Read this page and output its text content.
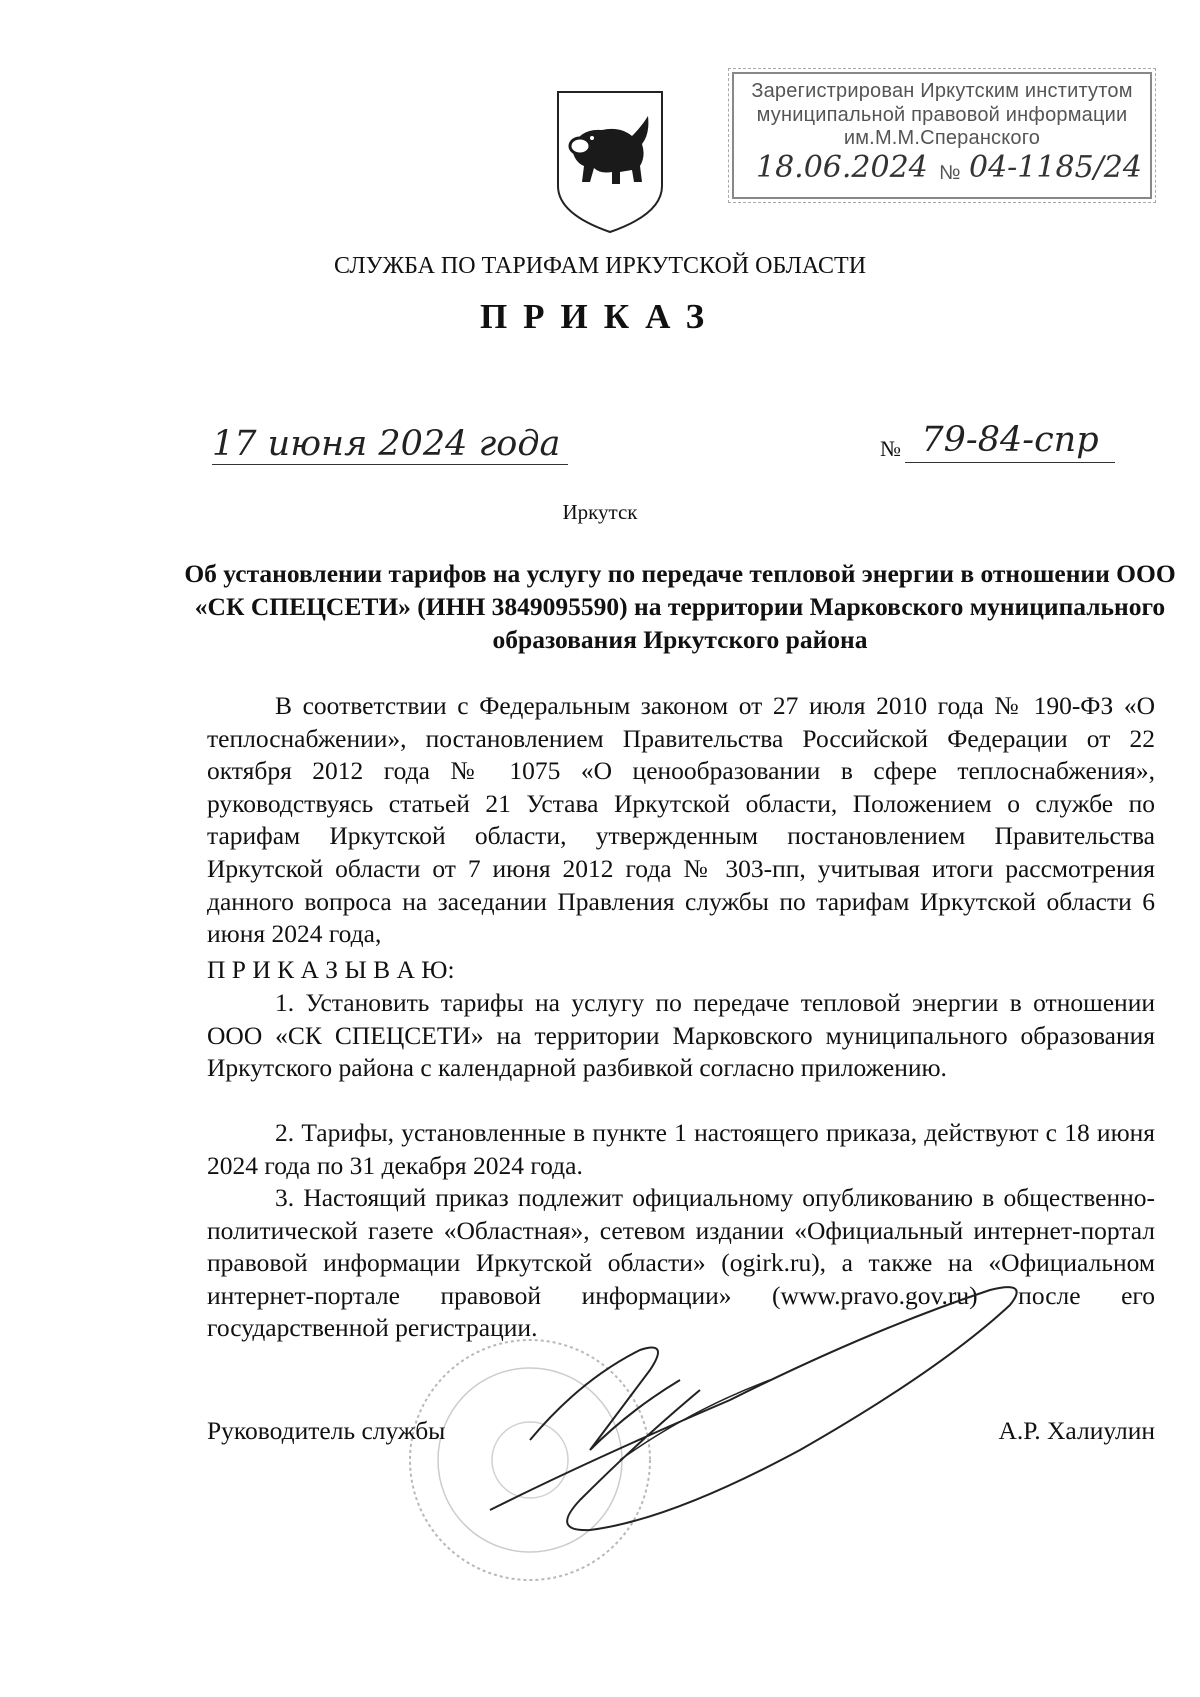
Зарегистрирован Иркутским институтом
муниципальной правовой информации
им.М.М.Сперанского
18.06.2024 № 04-1185/24
СЛУЖБА ПО ТАРИФАМ ИРКУТСКОЙ ОБЛАСТИ
ПРИКАЗ
17 июня 2024 года	№ 79-84-спр
Иркутск
Об установлении тарифов на услугу по передаче тепловой энергии в отношении ООО «СК СПЕЦСЕТИ» (ИНН 3849095590) на территории Марковского муниципального образования Иркутского района

В соответствии с Федеральным законом от 27 июля 2010 года № 190-ФЗ «О теплоснабжении», постановлением Правительства Российской Федерации от 22 октября 2012 года № 1075 «О ценообразовании в сфере теплоснабжения», руководствуясь статьей 21 Устава Иркутской области, Положением о службе по тарифам Иркутской области, утвержденным постановлением Правительства Иркутской области от 7 июня 2012 года № 303-пп, учитывая итоги рассмотрения данного вопроса на заседании Правления службы по тарифам Иркутской области 6 июня 2024 года,

П Р И К А З Ы В А Ю:

1. Установить тарифы на услугу по передаче тепловой энергии в отношении ООО «СК СПЕЦСЕТИ» на территории Марковского муниципального образования Иркутского района с календарной разбивкой согласно приложению.

2. Тарифы, установленные в пункте 1 настоящего приказа, действуют с 18 июня 2024 года по 31 декабря 2024 года.

3. Настоящий приказ подлежит официальному опубликованию в общественно-политической газете «Областная», сетевом издании «Официальный интернет-портал правовой информации Иркутской области» (ogirk.ru), а также на «Официальном интернет-портале правовой информации» (www.pravo.gov.ru) после его государственной регистрации.

Руководитель службы	А.Р. Халиулин
